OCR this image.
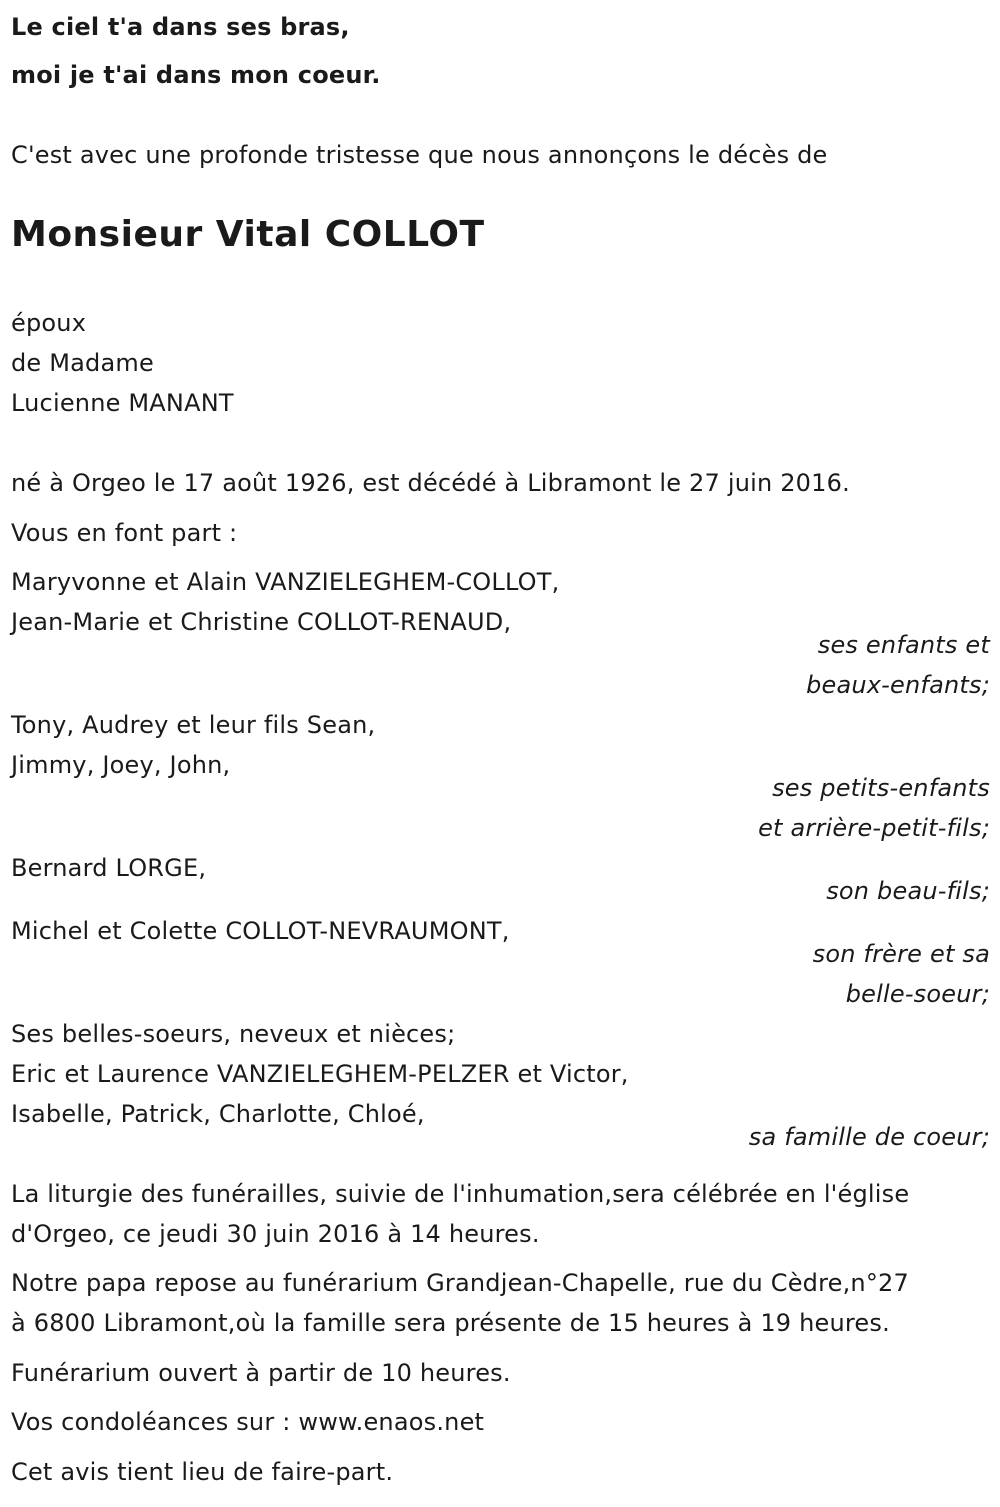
Le ciel t'a dans ses bras,
moi je t'ai dans mon coeur.
C'est avec une profonde tristesse que nous annonçons le décès de
Monsieur Vital COLLOT
époux
de Madame
Lucienne MANANT
né à Orgeo le 17 août 1926, est décédé à Libramont le 27 juin 2016.
Vous en font part :
Maryvonne et Alain VANZIELEGHEM-COLLOT,
Jean-Marie et Christine COLLOT-RENAUD,
ses enfants et
beaux-enfants;
Tony, Audrey et leur fils Sean,
Jimmy, Joey, John,
ses petits-enfants
et arrière-petit-fils;
Bernard LORGE,
son beau-fils;
Michel et Colette COLLOT-NEVRAUMONT,
son frère et sa
belle-soeur;
Ses belles-soeurs, neveux et nièces;
Eric et Laurence VANZIELEGHEM-PELZER et Victor,
Isabelle, Patrick, Charlotte, Chloé,
sa famille de coeur;
La liturgie des funérailles, suivie de l'inhumation,sera célébrée en l'église
d'Orgeo, ce jeudi 30 juin 2016 à 14 heures.
Notre papa repose au funérarium Grandjean-Chapelle, rue du Cèdre,n°27
à 6800 Libramont,où la famille sera présente de 15 heures à 19 heures.
Funérarium ouvert à partir de 10 heures.
Vos condoléances sur : www.enaos.net
Cet avis tient lieu de faire-part.
